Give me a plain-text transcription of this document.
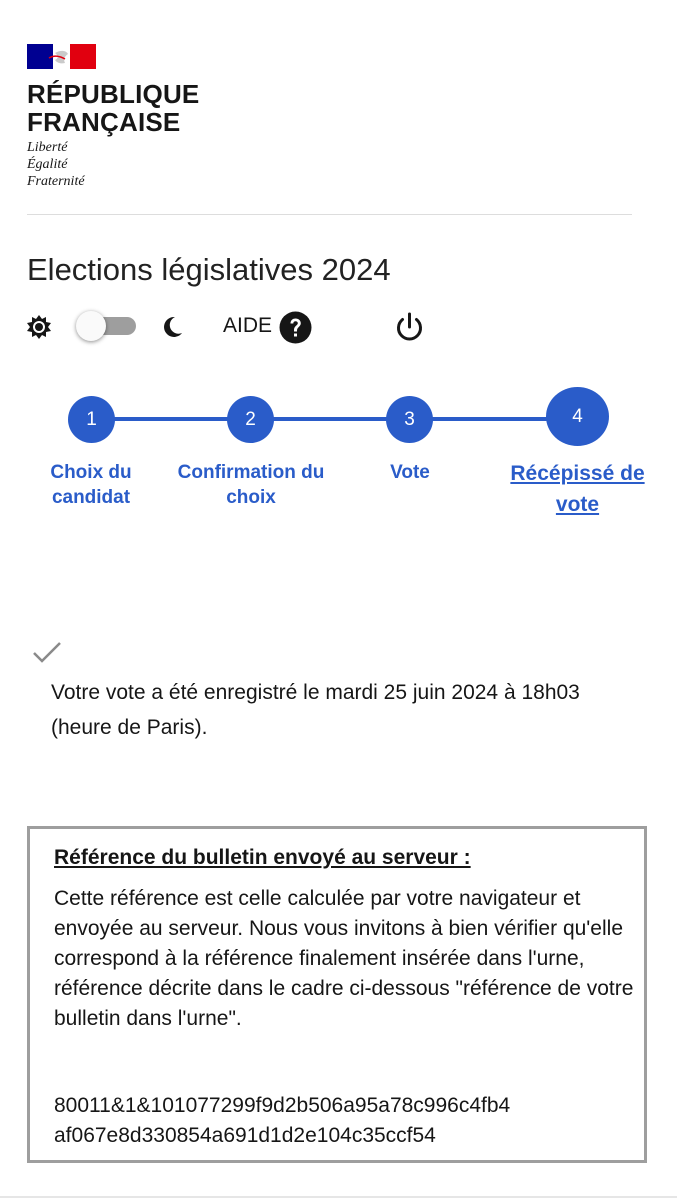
RÉPUBLIQUE
FRANÇAISE
Liberté
Égalité
Fraternité
Elections législatives 2024
AIDE
1	2	3	4
Choix du
candidat
Confirmation du
choix
Vote	Récépissé de
vote
Votre vote a été enregistré le mardi 25 juin 2024 à 18h03 (heure de Paris).
Référence du bulletin envoyé au serveur :
Cette référence est celle calculée par votre navigateur et envoyée au serveur. Nous vous invitons à bien vérifier qu'elle correspond à la référence finalement insérée dans l'urne, référence décrite dans le cadre ci-dessous "référence de votre bulletin dans l'urne".
80011&1&101077299f9d2b506a95a78c996c4fb4
af067e8d330854a691d1d2e104c35ccf54
